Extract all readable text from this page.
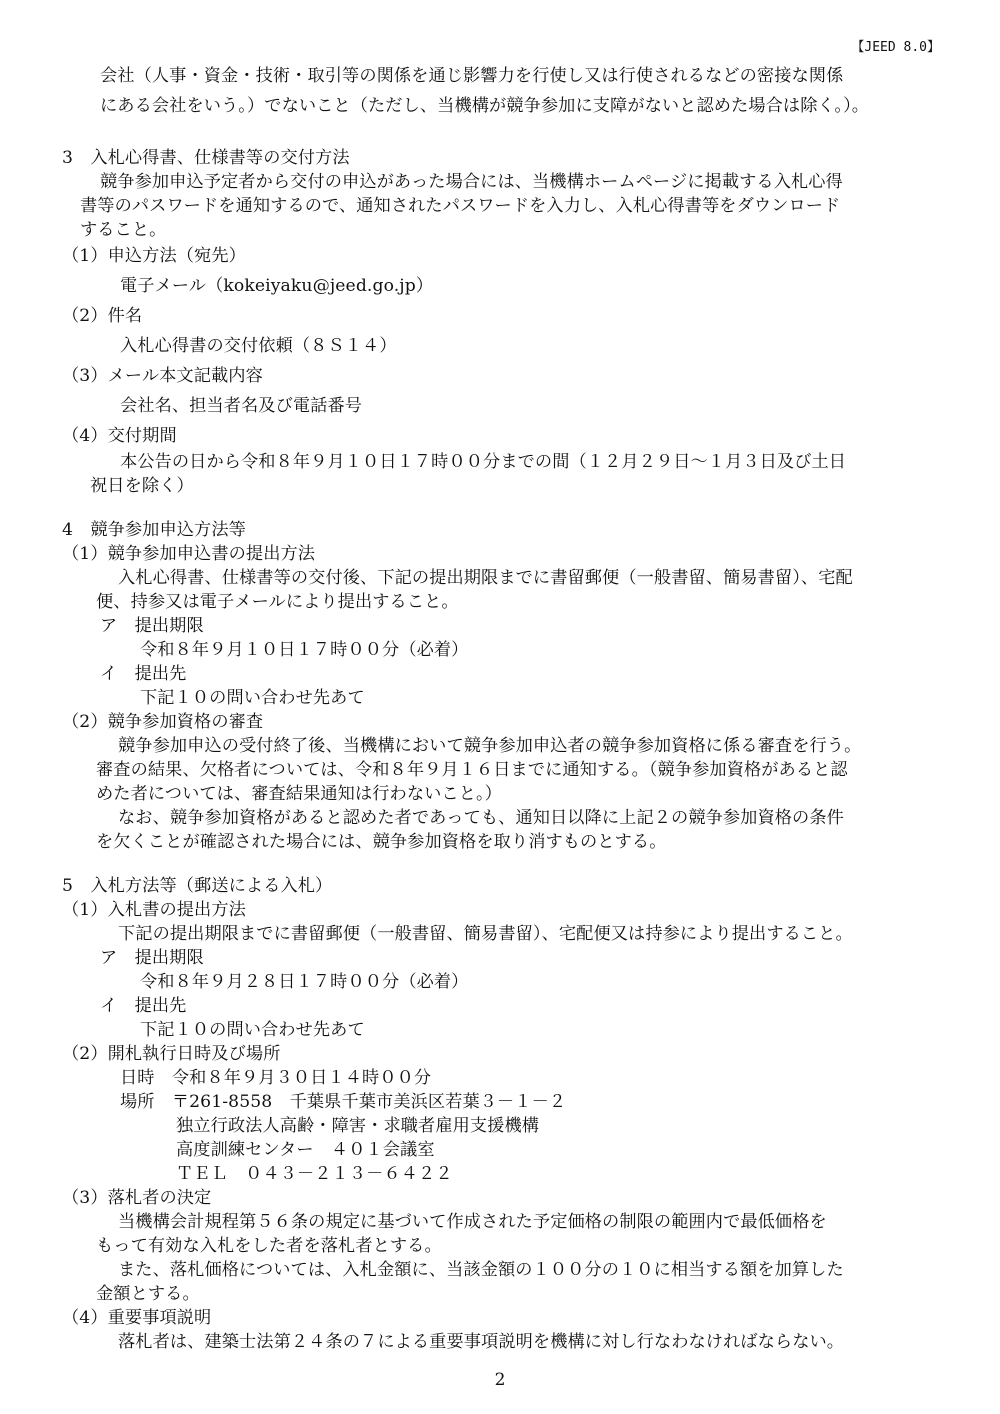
【JEED 8.0】
会社（人事・資金・技術・取引等の関係を通じ影響力を行使し又は行使されるなどの密接な関係
にある会社をいう。）でないこと（ただし、当機構が競争参加に支障がないと認めた場合は除く。）。
3　入札心得書、仕様書等の交付方法
競争参加申込予定者から交付の申込があった場合には、当機構ホームページに掲載する入札心得
書等のパスワードを通知するので、通知されたパスワードを入力し、入札心得書等をダウンロード
すること。
（1）申込方法（宛先）
電子メール（kokeiyaku@jeed.go.jp）
（2）件名
入札心得書の交付依頼（８Ｓ１４）
（3）メール本文記載内容
会社名、担当者名及び電話番号
（4）交付期間
本公告の日から令和８年９月１０日１７時００分までの間（１２月２９日～１月３日及び土日
祝日を除く）
4　競争参加申込方法等
（1）競争参加申込書の提出方法
入札心得書、仕様書等の交付後、下記の提出期限までに書留郵便（一般書留、簡易書留）、宅配
便、持参又は電子メールにより提出すること。
ア　提出期限
令和８年９月１０日１７時００分（必着）
イ　提出先
下記１０の問い合わせ先あて
（2）競争参加資格の審査
競争参加申込の受付終了後、当機構において競争参加申込者の競争参加資格に係る審査を行う。
審査の結果、欠格者については、令和８年９月１６日までに通知する。（競争参加資格があると認
めた者については、審査結果通知は行わないこと。）
なお、競争参加資格があると認めた者であっても、通知日以降に上記２の競争参加資格の条件
を欠くことが確認された場合には、競争参加資格を取り消すものとする。
5　入札方法等（郵送による入札）
（1）入札書の提出方法
下記の提出期限までに書留郵便（一般書留、簡易書留）、宅配便又は持参により提出すること。
ア　提出期限
令和８年９月２８日１７時００分（必着）
イ　提出先
下記１０の問い合わせ先あて
（2）開札執行日時及び場所
日時　令和８年９月３０日１４時００分
場所　〒261-8558　千葉県千葉市美浜区若葉３－１－２
独立行政法人高齢・障害・求職者雇用支援機構
高度訓練センター　４０１会議室
ＴＥＬ　０４３－２１３－６４２２
（3）落札者の決定
当機構会計規程第５６条の規定に基づいて作成された予定価格の制限の範囲内で最低価格を
もって有効な入札をした者を落札者とする。
また、落札価格については、入札金額に、当該金額の１００分の１０に相当する額を加算した
金額とする。
（4）重要事項説明
落札者は、建築士法第２４条の７による重要事項説明を機構に対し行なわなければならない。
2
